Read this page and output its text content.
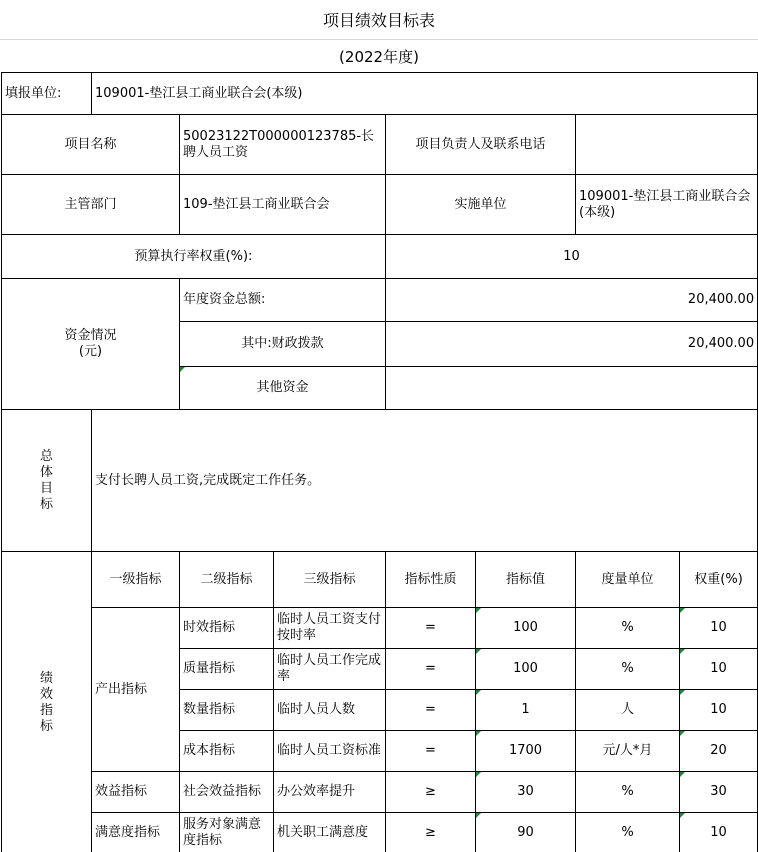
项目绩效目标表
(2022年度)
填报单位:	109001-垫江县工商业联合会(本级)						
项目名称		50023122T000000123785-长聘人员工资		项目负责人及联系电话			
主管部门		109-垫江县工商业联合会		实施单位		109001-垫江县工商业联合会(本级)	
预算执行率权重(%):				10			

资金情况
(元)		年度资金总额:		20,400.00			
		其中:财政拨款		20,400.00			
		其他资金					

总
体
目
标	支付长聘人员工资,完成既定工作任务。						

绩
效
指
标	一级指标	二级指标	三级指标	指标性质	指标值	度量单位	权重(%)
	产出指标	时效指标	临时人员工资支付按时率	=	100	%	10
		质量指标	临时人员工作完成率	=	100	%	10
		数量指标	临时人员人数	=	1	人	10
		成本指标	临时人员工资标准	=	1700	元/人*月	20
	效益指标	社会效益指标	办公效率提升	≥	30	%	30
	满意度指标	服务对象满意度指标	机关职工满意度	≥	90	%	10
